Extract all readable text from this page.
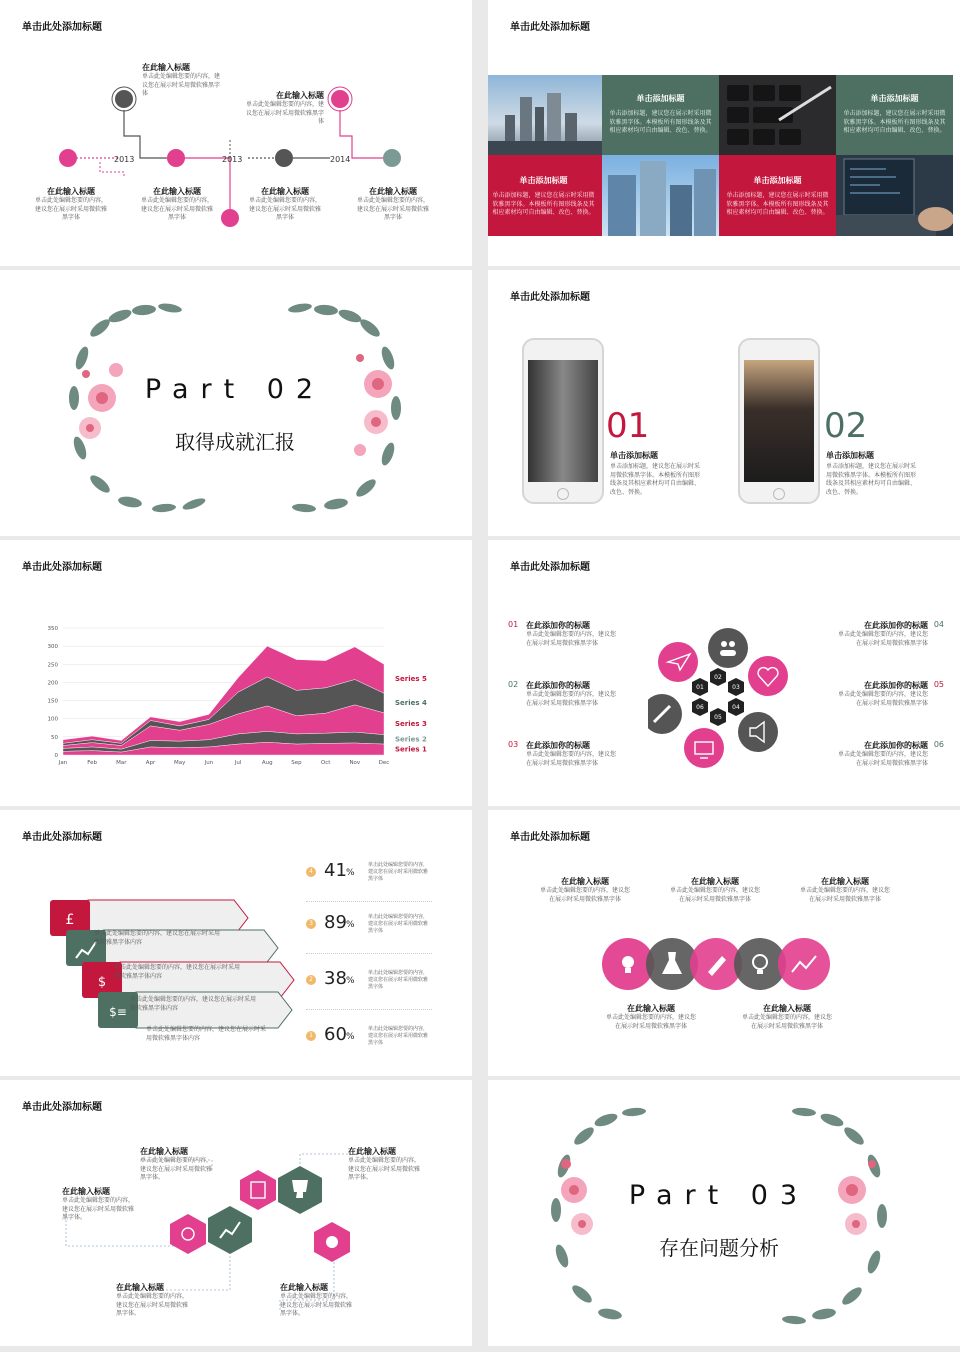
单击此处添加标题
2013	2013	2014
在此输入标题
单击此处编辑您要的内容，建议您在展示时采用微软雅黑字体	在此输入标题
单击此处编辑您要的内容，建议您在展示时采用微软雅黑字体
在此输入标题
单击此处编辑您要的内容，建议您在展示时采用微软雅黑字体
在此输入标题
单击此处编辑您要的内容，建议您在展示时采用微软雅黑字体
在此输入标题
单击此处编辑您要的内容，建议您在展示时采用微软雅黑字体
在此输入标题
单击此处编辑您要的内容，建议您在展示时采用微软雅黑字体
单击此处添加标题
单击添加标题
单击添加标题，建议您在展示时采用微软雅黑字体。本模板所有图形线条及其相应素材均可自由编辑、改色、替换。
单击添加标题
单击添加标题，建议您在展示时采用微软雅黑字体。本模板所有图形线条及其相应素材均可自由编辑、改色、替换。
单击添加标题
单击添加标题，建议您在展示时采用微软雅黑字体。本模板所有图形线条及其相应素材均可自由编辑、改色、替换。
单击添加标题
单击添加标题，建议您在展示时采用微软雅黑字体。本模板所有图形线条及其相应素材均可自由编辑、改色、替换。
Part 02
取得成就汇报
单击此处添加标题
01
单击添加标题
单击添加标题，建议您在展示时采用微软雅黑字体。本模板所有图形线条及其相应素材均可自由编辑、改色、替换。
02
单击添加标题
单击添加标题，建议您在展示时采用微软雅黑字体。本模板所有图形线条及其相应素材均可自由编辑、改色、替换。
单击此处添加标题
0
50
100
150
200
250
300
350
Jan	Feb	Mar	Apr	May	Jun	Jul	Aug	Sep	Oct	Nov	Dec
Series 1
Series 2
Series 3
Series 4
Series 5
单击此处添加标题
01 在此添加你的标题
单击此处编辑您要的内容，建议您
在展示时采用微软雅黑字体
02 在此添加你的标题
单击此处编辑您要的内容，建议您
在展示时采用微软雅黑字体
03 在此添加你的标题
单击此处编辑您要的内容，建议您
在展示时采用微软雅黑字体
04
在此添加你的标题
单击此处编辑您要的内容，建议您
在展示时采用微软雅黑字体
05
在此添加你的标题
单击此处编辑您要的内容，建议您
在展示时采用微软雅黑字体
06
在此添加你的标题
单击此处编辑您要的内容，建议您
在展示时采用微软雅黑字体
01
02
03
04
05
06
单击此处添加标题
£
$
$≡
单击此处编辑您要的内容，建议您在展示时采用微软雅黑字体内容
单击此处编辑您要的内容，建议您在展示时采用微软雅黑字体内容
单击此处编辑您要的内容，建议您在展示时采用微软雅黑字体内容
单击此处编辑您要的内容，建议您在展示时采用微软雅黑字体内容
4 41 %
单击此处编辑您要的内容，建议您在展示时采用微软雅黑字体
3 89 %
单击此处编辑您要的内容，建议您在展示时采用微软雅黑字体
2 38 %
单击此处编辑您要的内容，建议您在展示时采用微软雅黑字体
1 60 %
单击此处编辑您要的内容，建议您在展示时采用微软雅黑字体
单击此处添加标题
在此输入标题
单击此处编辑您要的内容，建议您在展示时采用微软雅黑字体
在此输入标题
单击此处编辑您要的内容，建议您在展示时采用微软雅黑字体
在此输入标题
单击此处编辑您要的内容，建议您在展示时采用微软雅黑字体
在此输入标题
单击此处编辑您要的内容，建议您在展示时采用微软雅黑字体
在此输入标题
单击此处编辑您要的内容，建议您在展示时采用微软雅黑字体
单击此处添加标题
在此输入标题
单击此处编辑您要的内容，建议您在展示时采用微软雅黑字体。
在此输入标题
单击此处编辑您要的内容，建议您在展示时采用微软雅黑字体。
在此输入标题
单击此处编辑您要的内容，建议您在展示时采用微软雅黑字体。
在此输入标题
单击此处编辑您要的内容，建议您在展示时采用微软雅黑字体。
在此输入标题
单击此处编辑您要的内容，建议您在展示时采用微软雅黑字体。
Part 03
存在问题分析
